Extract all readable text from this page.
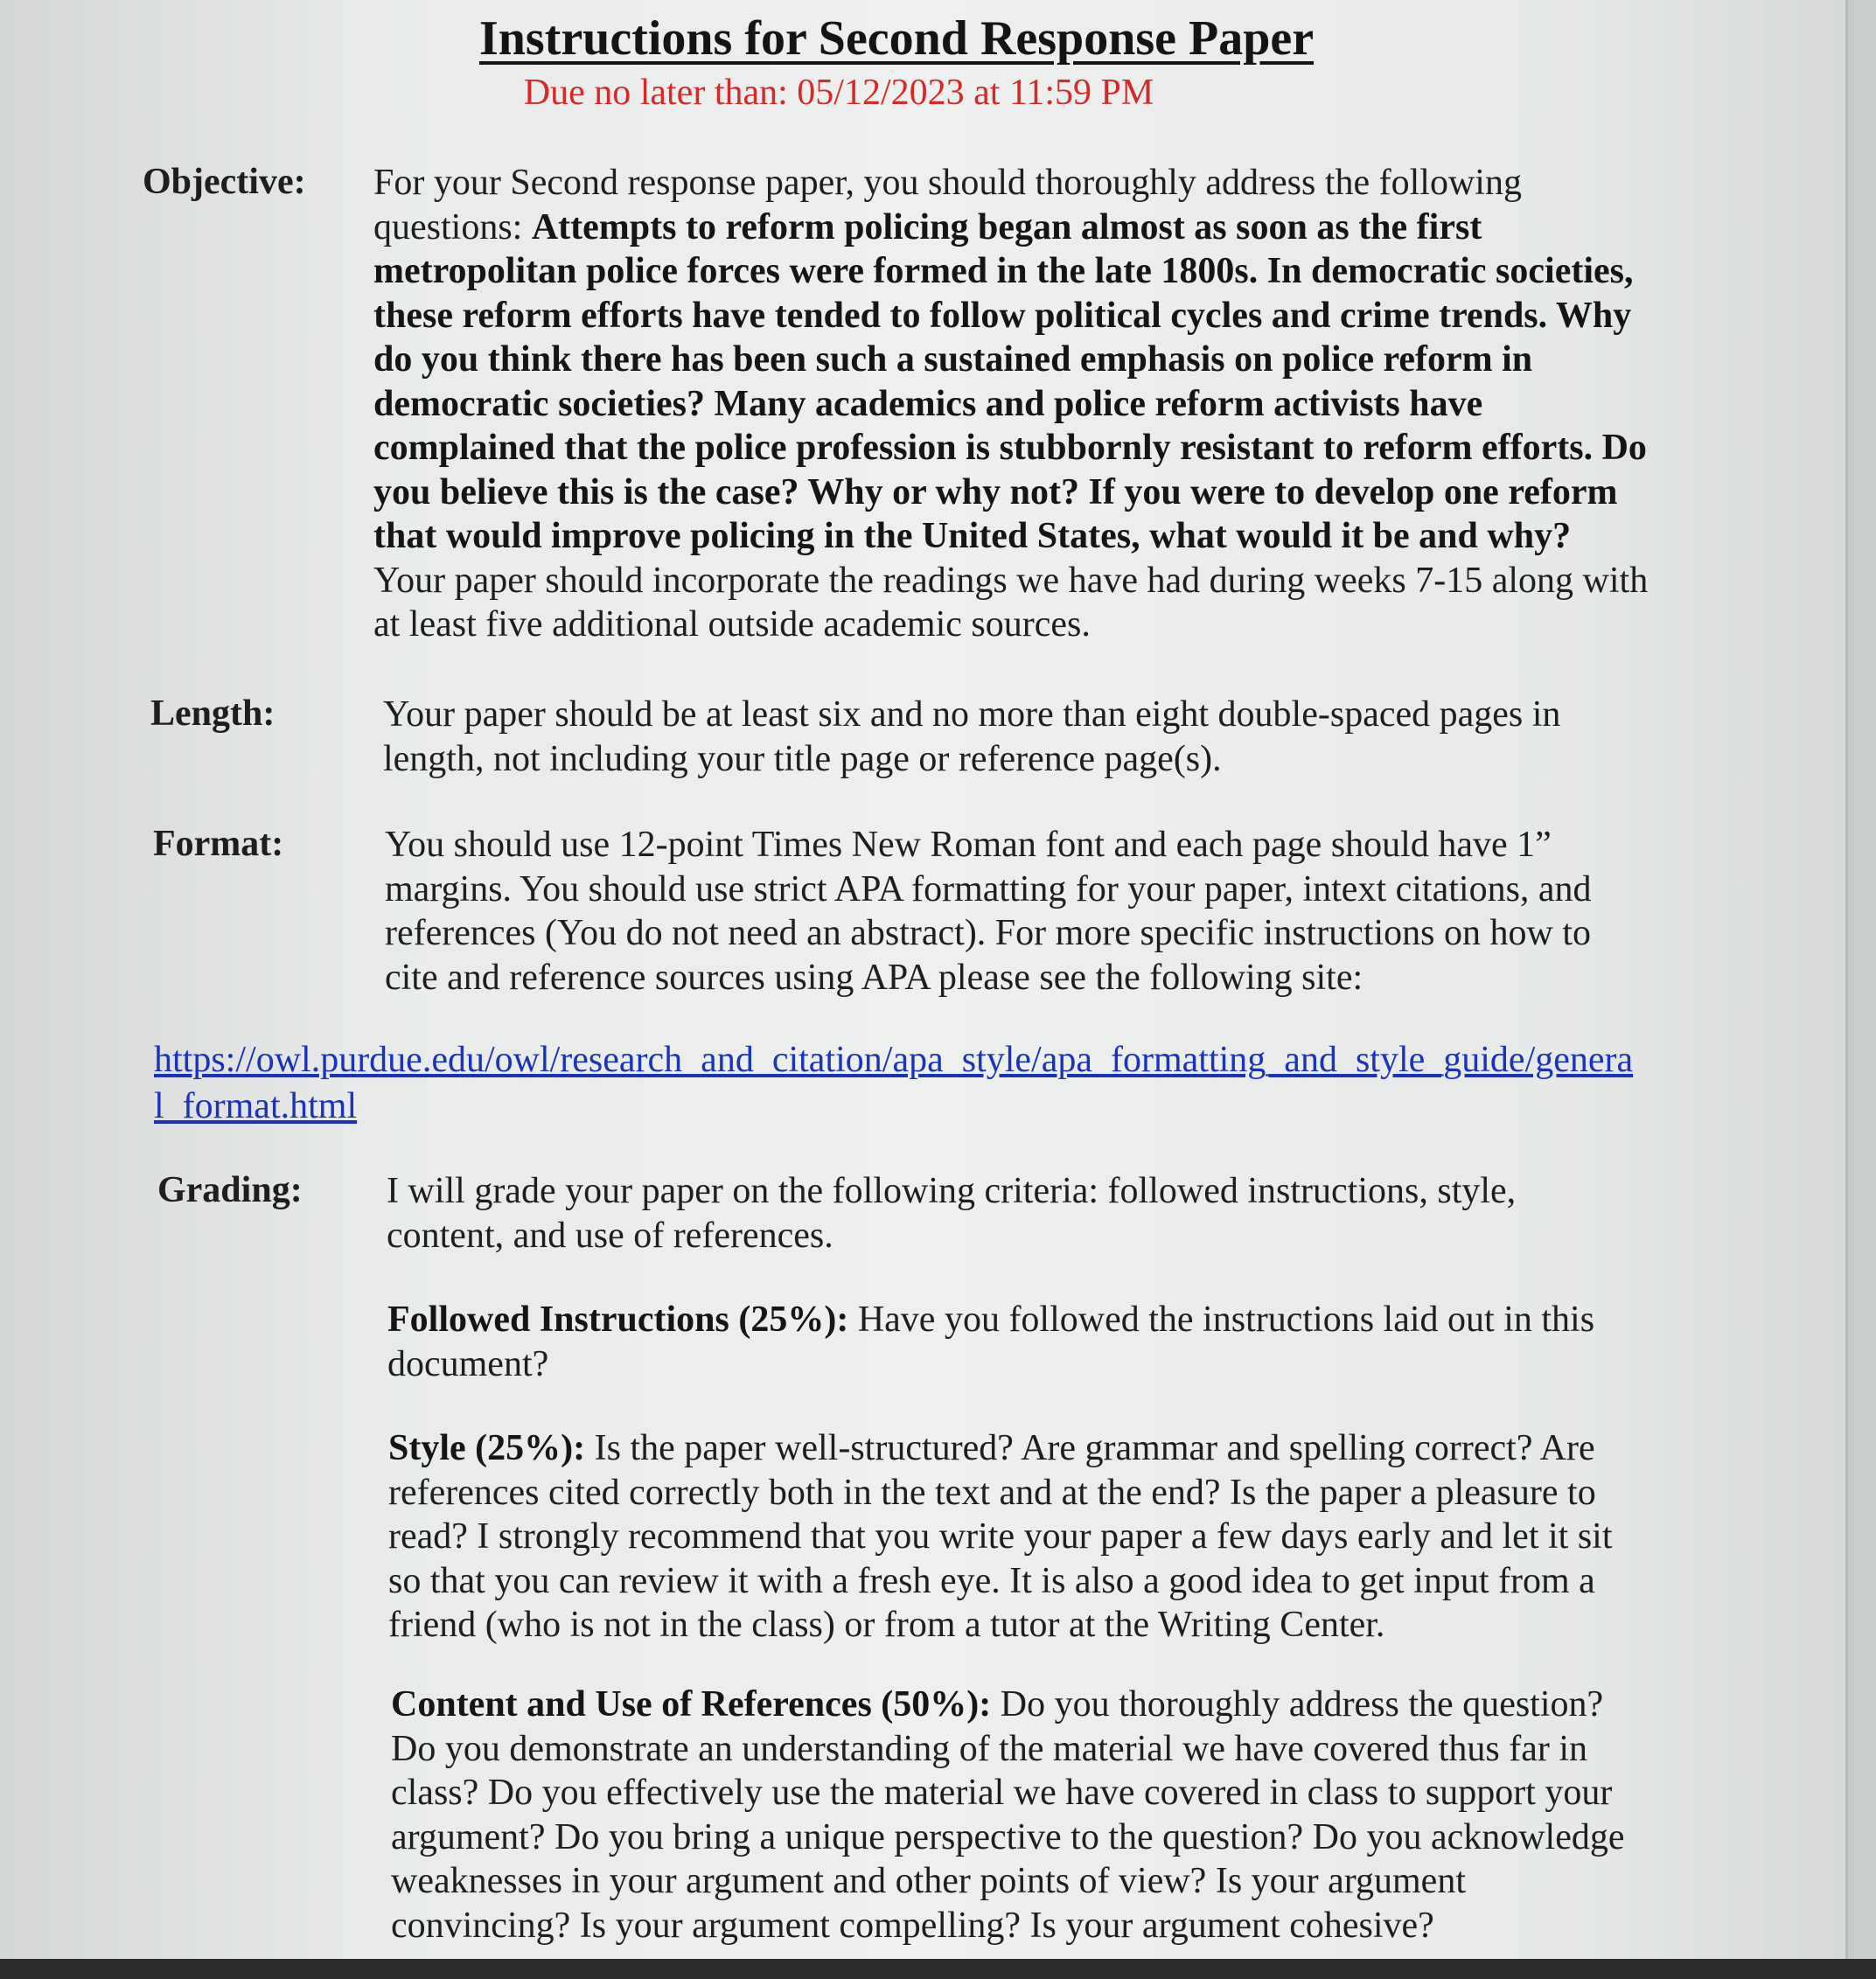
Instructions for Second Response Paper
Due no later than: 05/12/2023 at 11:59 PM
Objective: For your Second response paper, you should thoroughly address the following questions: Attempts to reform policing began almost as soon as the first metropolitan police forces were formed in the late 1800s. In democratic societies, these reform efforts have tended to follow political cycles and crime trends. Why do you think there has been such a sustained emphasis on police reform in democratic societies? Many academics and police reform activists have complained that the police profession is stubbornly resistant to reform efforts. Do you believe this is the case? Why or why not? If you were to develop one reform that would improve policing in the United States, what would it be and why? Your paper should incorporate the readings we have had during weeks 7-15 along with at least five additional outside academic sources.
Length:	Your paper should be at least six and no more than eight double-spaced pages in length, not including your title page or reference page(s).
Format:	You should use 12-point Times New Roman font and each page should have 1” margins. You should use strict APA formatting for your paper, intext citations, and references (You do not need an abstract). For more specific instructions on how to cite and reference sources using APA please see the following site:
https://owl.purdue.edu/owl/research_and_citation/apa_style/apa_formatting_and_style_guide/general_format.html
Grading: I will grade your paper on the following criteria: followed instructions, style, content, and use of references.
Followed Instructions (25%): Have you followed the instructions laid out in this document?
Style (25%): Is the paper well-structured? Are grammar and spelling correct? Are references cited correctly both in the text and at the end? Is the paper a pleasure to read? I strongly recommend that you write your paper a few days early and let it sit so that you can review it with a fresh eye. It is also a good idea to get input from a friend (who is not in the class) or from a tutor at the Writing Center.
Content and Use of References (50%): Do you thoroughly address the question? Do you demonstrate an understanding of the material we have covered thus far in class? Do you effectively use the material we have covered in class to support your argument? Do you bring a unique perspective to the question? Do you acknowledge weaknesses in your argument and other points of view? Is your argument convincing? Is your argument compelling? Is your argument cohesive?
